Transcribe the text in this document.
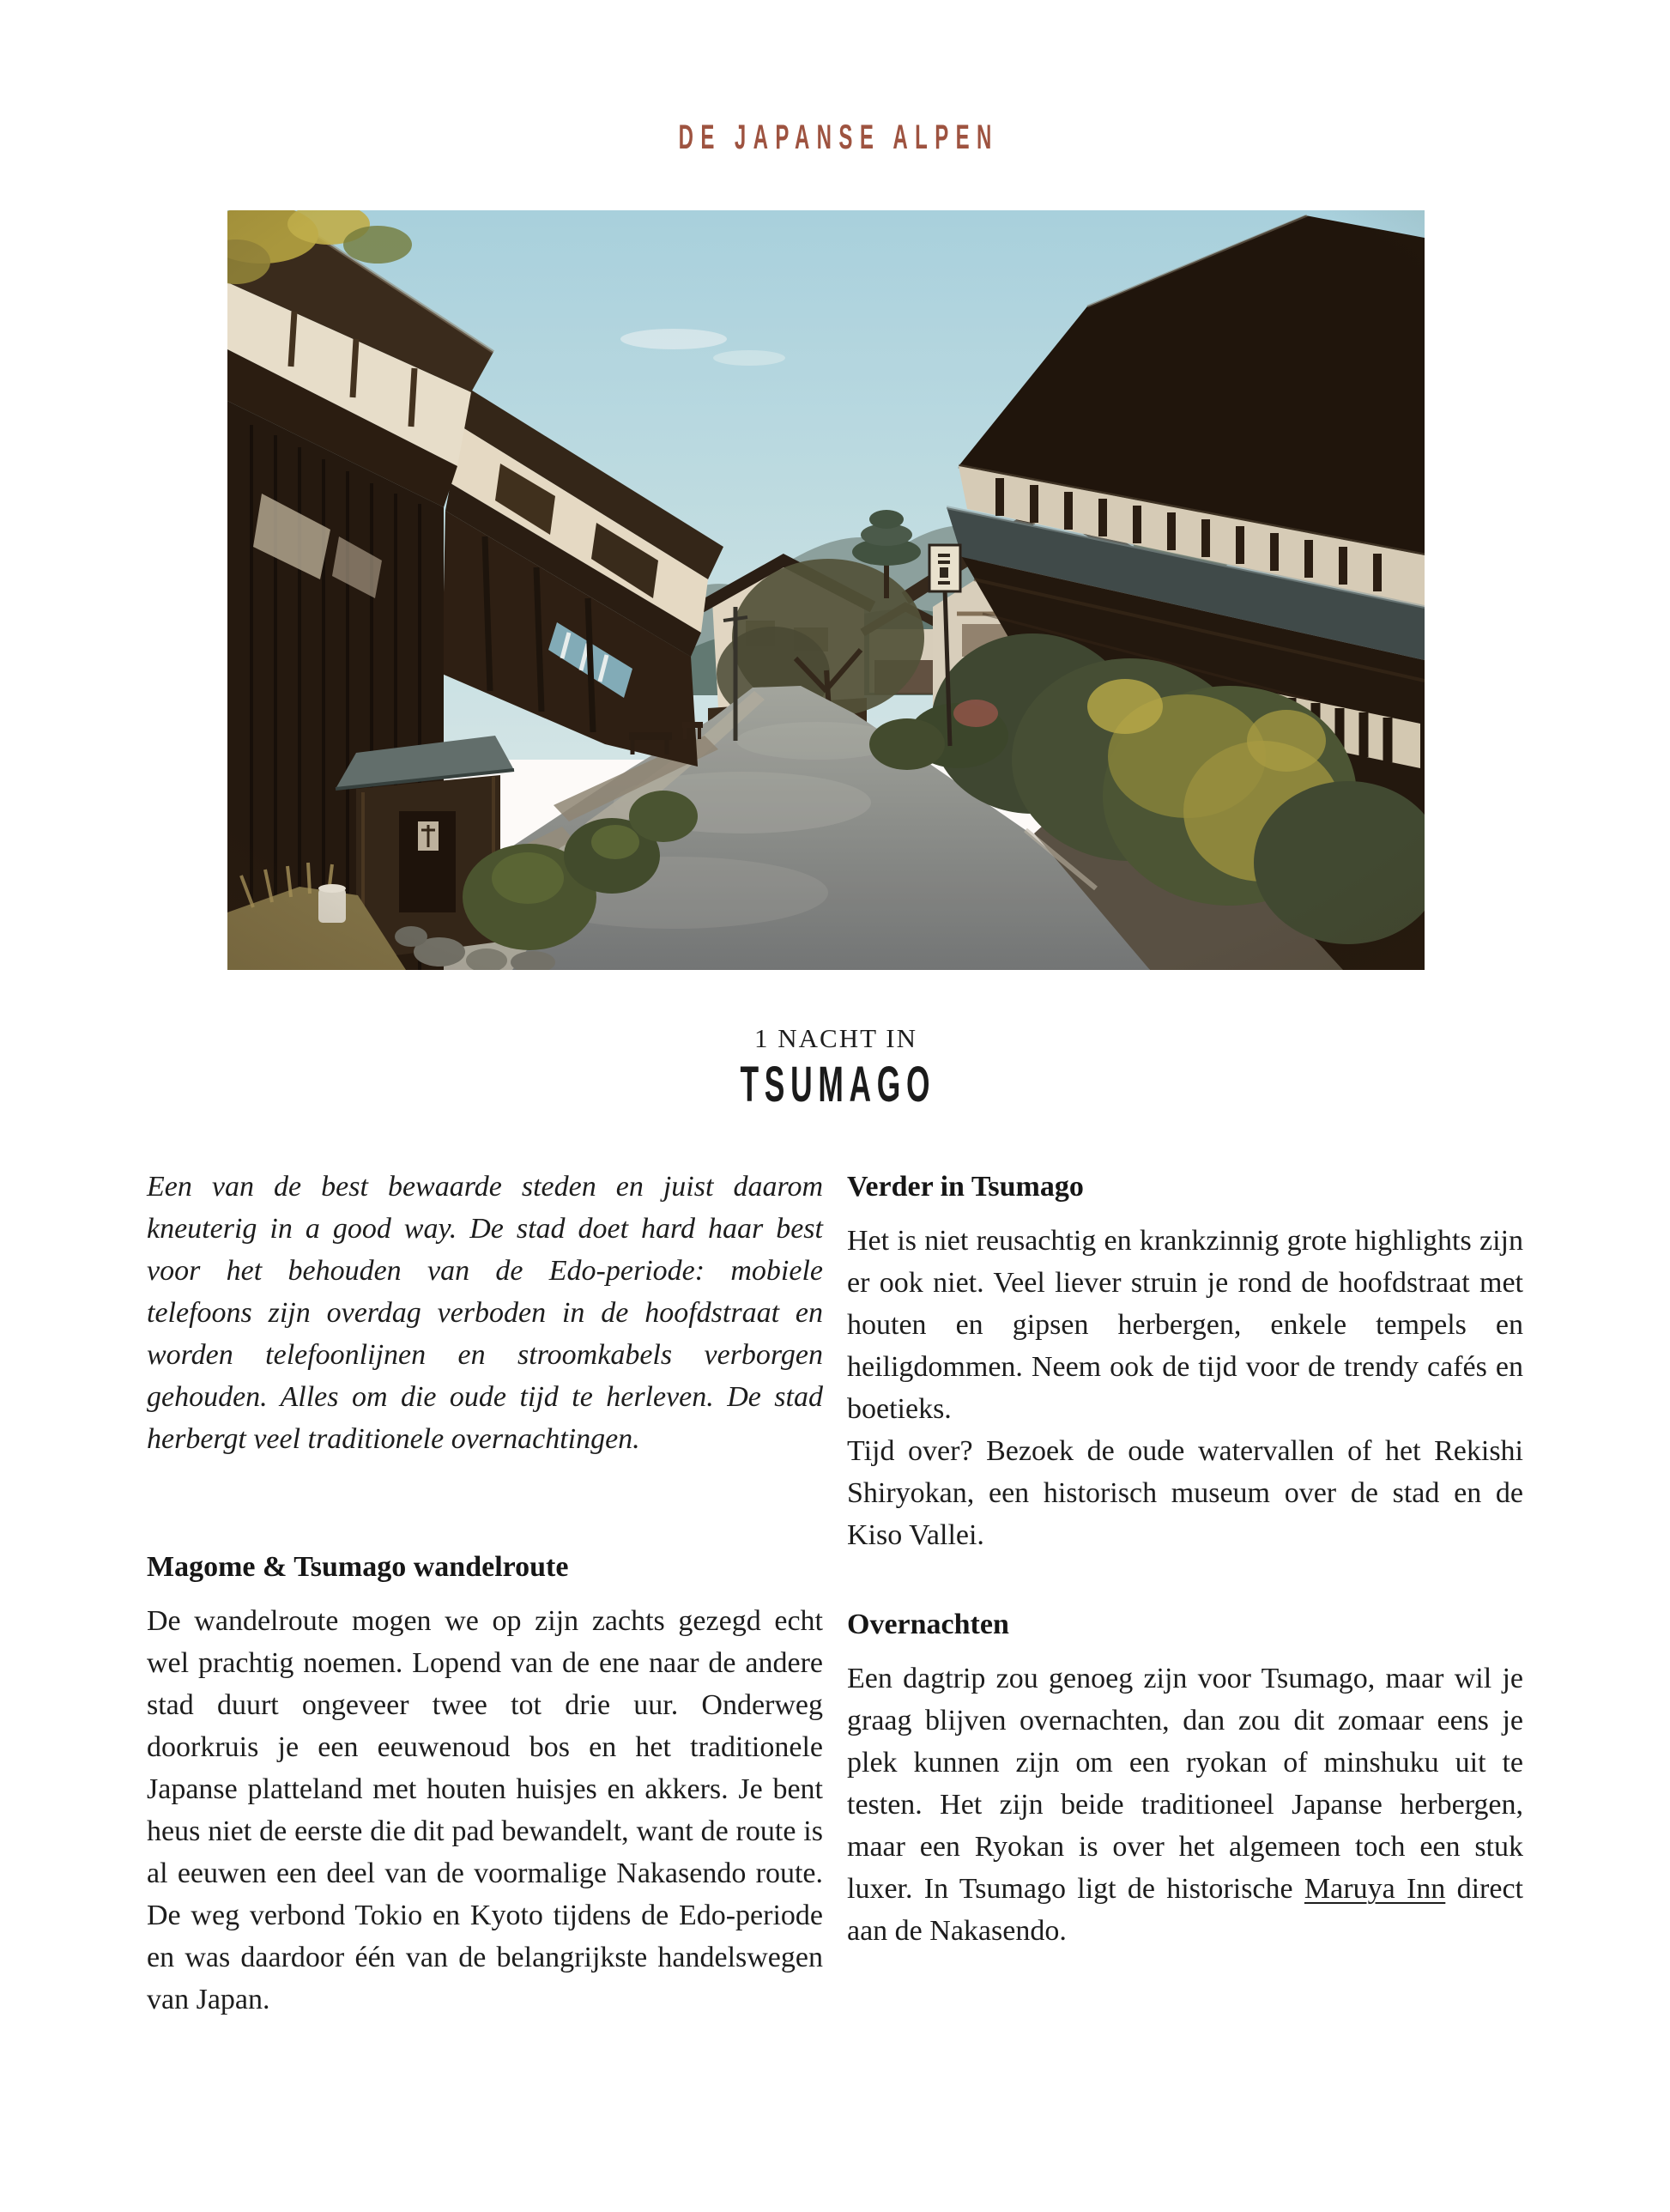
DE JAPANSE ALPEN
1 NACHT IN
TSUMAGO

Een van de best bewaarde steden en juist daarom kneuterig in a good way. De stad doet hard haar best voor het behouden van de Edo-periode: mobiele telefoons zijn overdag verboden in de hoofdstraat en worden telefoonlijnen en stroomkabels verborgen gehouden. Alles om die oude tijd te herleven. De stad herbergt veel traditionele overnachtingen.

Magome & Tsumago wandelroute

De wandelroute mogen we op zijn zachts gezegd echt wel prachtig noemen. Lopend van de ene naar de andere stad duurt ongeveer twee tot drie uur. Onderweg doorkruis je een eeuwenoud bos en het traditionele Japanse platteland met houten huisjes en akkers. Je bent heus niet de eerste die dit pad bewandelt, want de route is al eeuwen een deel van de voormalige Nakasendo route. De weg verbond Tokio en Kyoto tijdens de Edo-periode en was daardoor één van de belangrijkste handelswegen van Japan.

Verder in Tsumago

Het is niet reusachtig en krankzinnig grote highlights zijn er ook niet. Veel liever struin je rond de hoofdstraat met houten en gipsen herbergen, enkele tempels en heiligdommen. Neem ook de tijd voor de trendy cafés en boetieks.

Tijd over? Bezoek de oude watervallen of het Rekishi Shiryokan, een historisch museum over de stad en de Kiso Vallei.

Overnachten

Een dagtrip zou genoeg zijn voor Tsumago, maar wil je graag blijven overnachten, dan zou dit zomaar eens je plek kunnen zijn om een ryokan of minshuku uit te testen. Het zijn beide traditioneel Japanse herbergen, maar een Ryokan is over het algemeen toch een stuk luxer. In Tsumago ligt de historische Maruya Inn direct aan de Nakasendo.
